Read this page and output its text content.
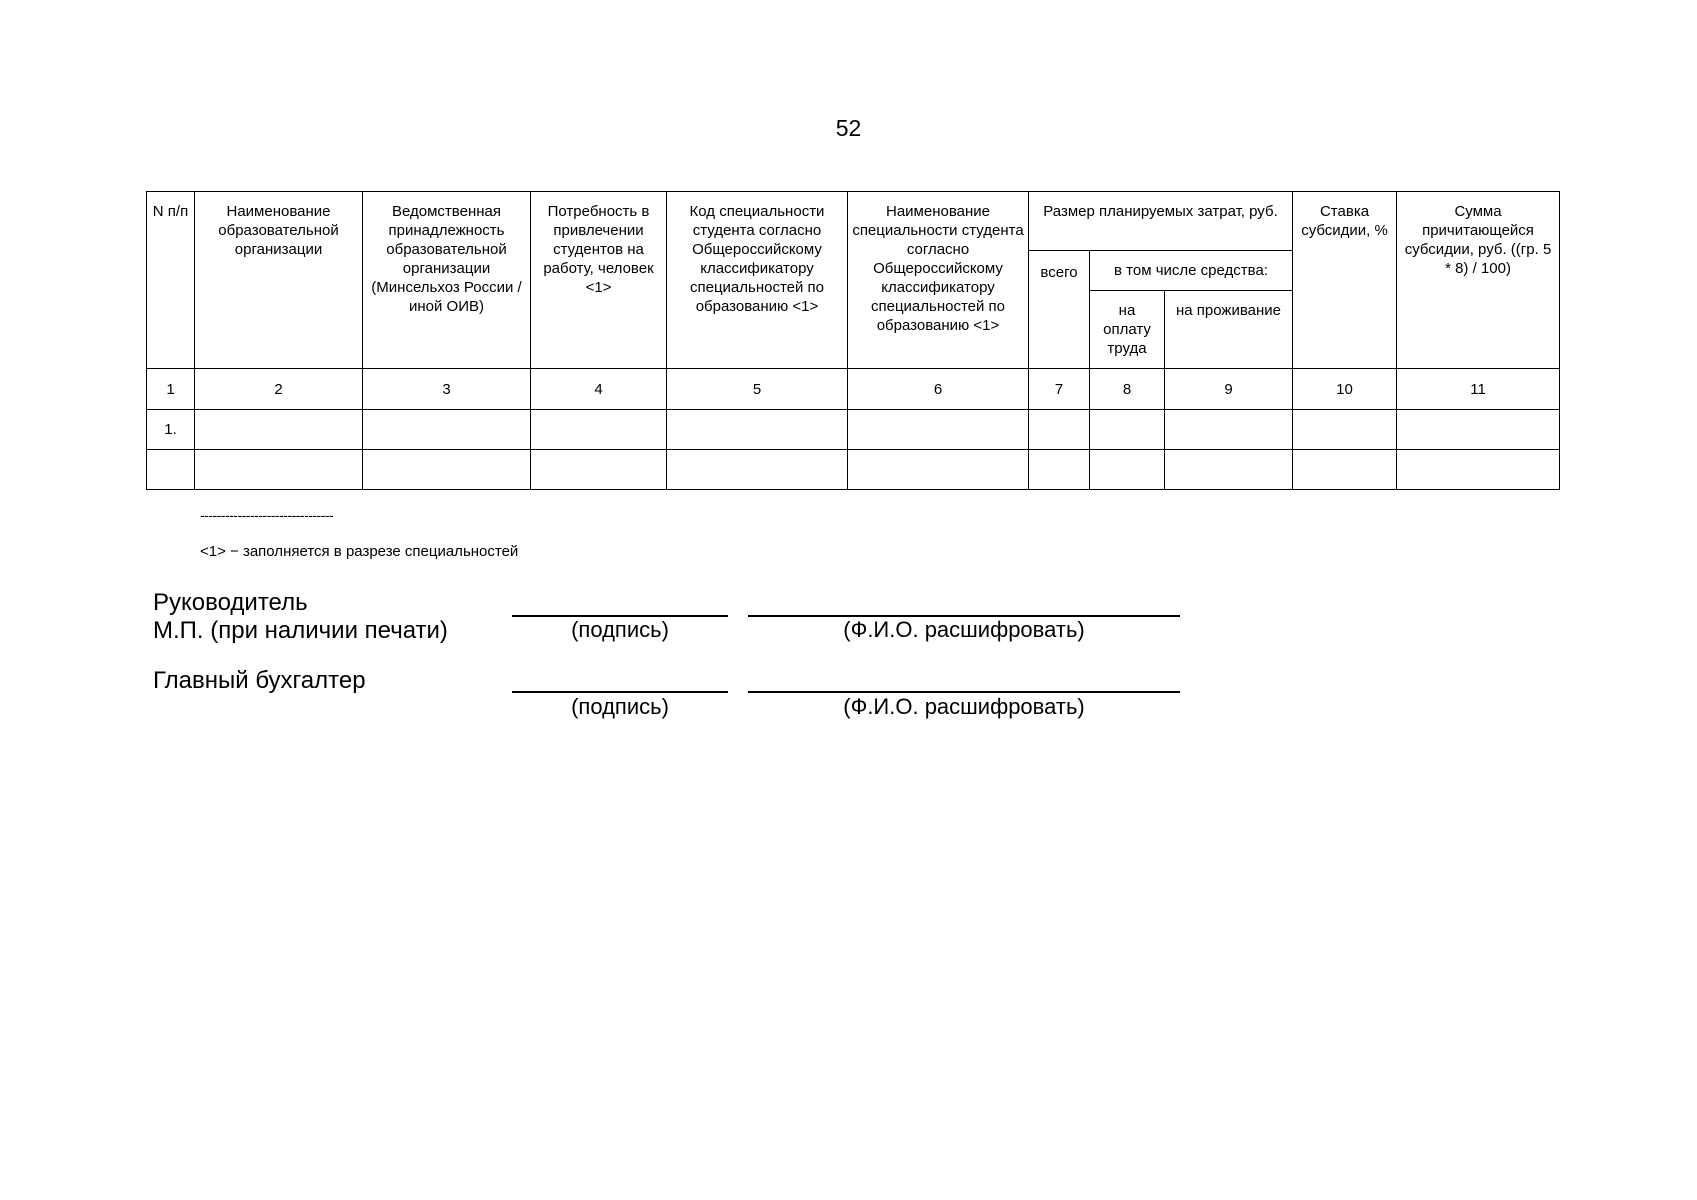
52
N п/п	Наименование образовательной организации	Ведомственная принадлежность образовательной организации (Минсельхоз России / иной ОИВ)	Потребность в привлечении студентов на работу, человек <1>	Код специальности студента согласно Общероссийскому классификатору специальностей по образованию <1>	Наименование специальности студента согласно Общероссийскому классификатору специальностей по образованию <1>	Размер планируемых затрат, руб.			Ставка субсидии, %	Сумма причитающейся субсидии, руб. ((гр. 5 * 8) / 100)
						всего	в том числе средства:			
							на оплату труда	на проживание		
1	2	3	4	5	6	7	8	9	10	11
1.										

--------------------------------
<1> − заполняется в разрезе специальностей
Руководитель
М.П. (при наличии печати)	(подпись)	(Ф.И.О. расшифровать)
Главный бухгалтер
(подпись)	(Ф.И.О. расшифровать)
